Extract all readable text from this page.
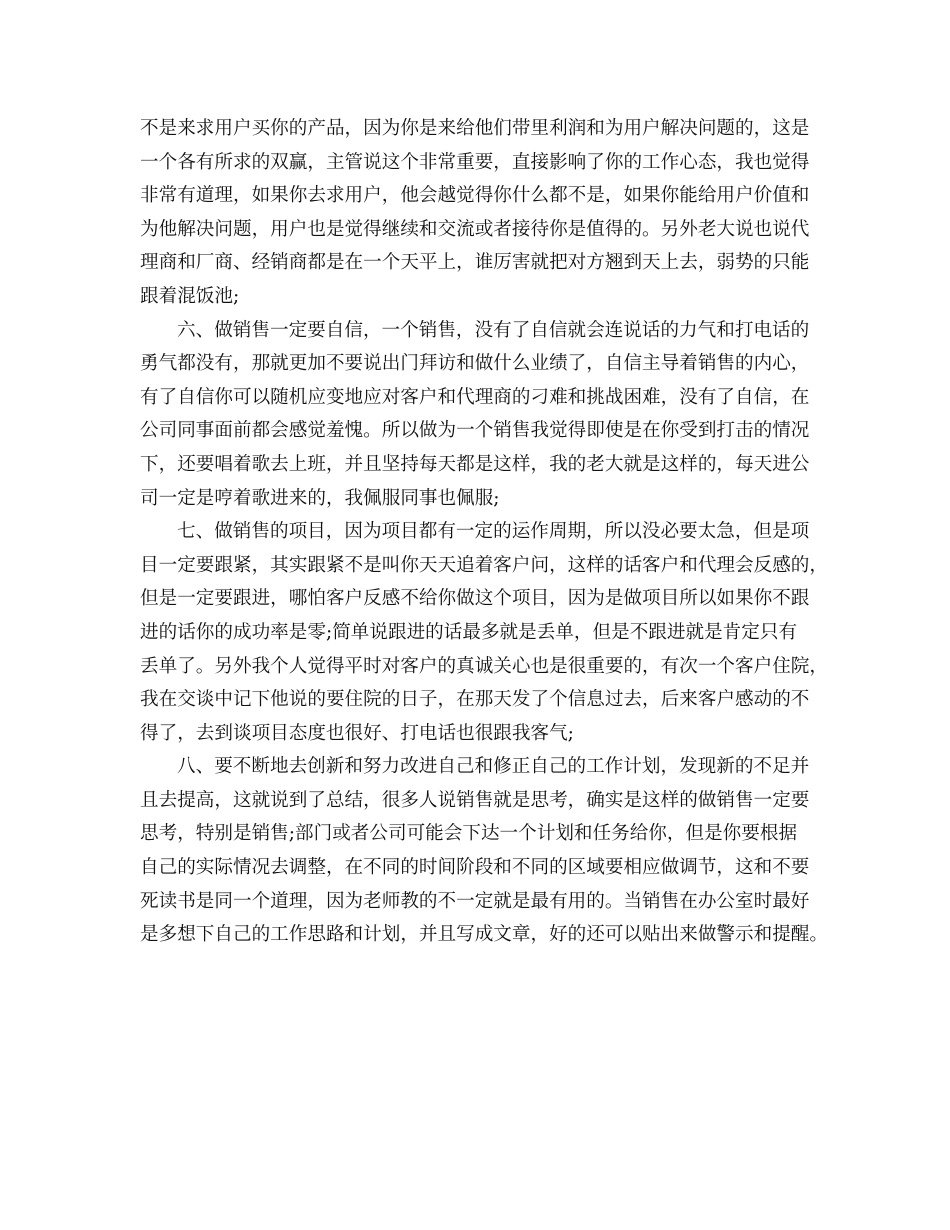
不是来求用户买你的产品，因为你是来给他们带里利润和为用户解决问题的，这是
一个各有所求的双赢，主管说这个非常重要，直接影响了你的工作心态，我也觉得
非常有道理，如果你去求用户，他会越觉得你什么都不是，如果你能给用户价值和
为他解决问题，用户也是觉得继续和交流或者接待你是值得的。另外老大说也说代
理商和厂商、经销商都是在一个天平上，谁厉害就把对方翘到天上去，弱势的只能
跟着混饭池;
六、做销售一定要自信，一个销售，没有了自信就会连说话的力气和打电话的
勇气都没有，那就更加不要说出门拜访和做什么业绩了，自信主导着销售的内心，
有了自信你可以随机应变地应对客户和代理商的刁难和挑战困难，没有了自信，在
公司同事面前都会感觉羞愧。所以做为一个销售我觉得即使是在你受到打击的情况
下，还要唱着歌去上班，并且坚持每天都是这样，我的老大就是这样的，每天进公
司一定是哼着歌进来的，我佩服同事也佩服;
七、做销售的项目，因为项目都有一定的运作周期，所以没必要太急，但是项
目一定要跟紧，其实跟紧不是叫你天天追着客户问，这样的话客户和代理会反感的，
但是一定要跟进，哪怕客户反感不给你做这个项目，因为是做项目所以如果你不跟
进的话你的成功率是零;简单说跟进的话最多就是丢单，但是不跟进就是肯定只有
丢单了。另外我个人觉得平时对客户的真诚关心也是很重要的，有次一个客户住院，
我在交谈中记下他说的要住院的日子，在那天发了个信息过去，后来客户感动的不
得了，去到谈项目态度也很好、打电话也很跟我客气;
八、要不断地去创新和努力改进自己和修正自己的工作计划，发现新的不足并
且去提高，这就说到了总结，很多人说销售就是思考，确实是这样的做销售一定要
思考，特别是销售;部门或者公司可能会下达一个计划和任务给你，但是你要根据
自己的实际情况去调整，在不同的时间阶段和不同的区域要相应做调节，这和不要
死读书是同一个道理，因为老师教的不一定就是最有用的。当销售在办公室时最好
是多想下自己的工作思路和计划，并且写成文章，好的还可以贴出来做警示和提醒。
